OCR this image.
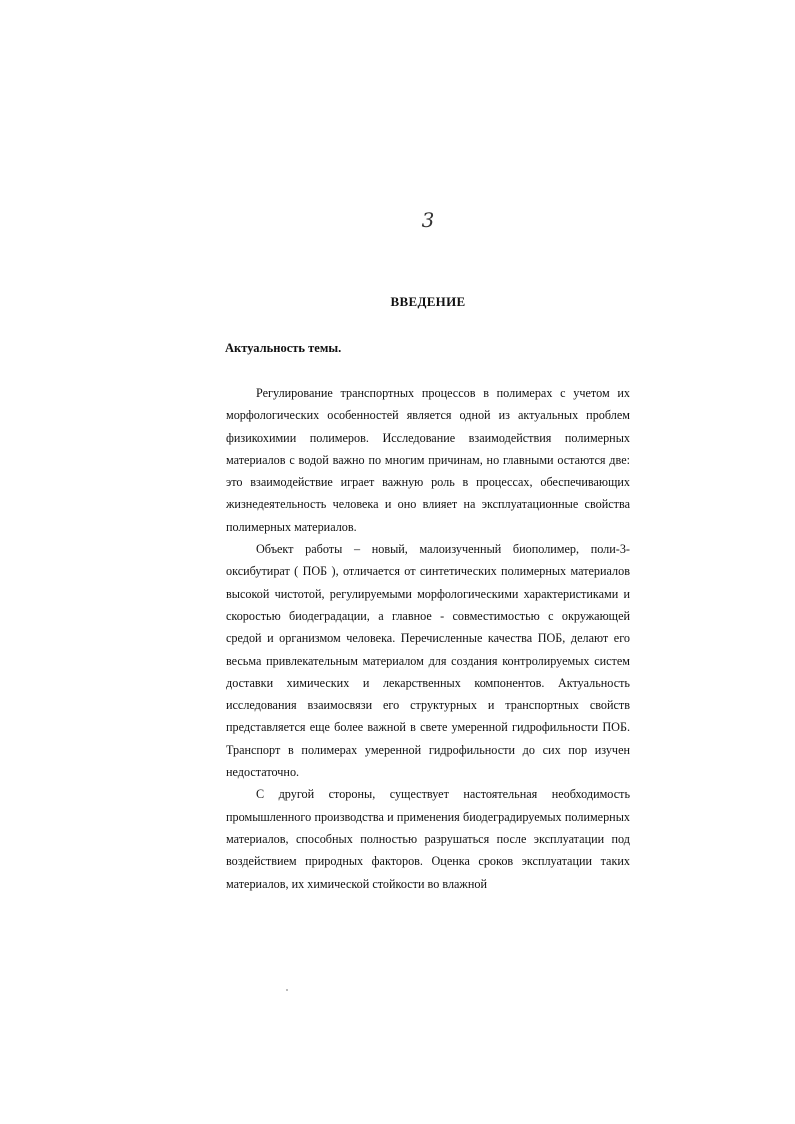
3
ВВЕДЕНИЕ
Актуальность темы.

Регулирование транспортных процессов в полимерах с учетом их морфологических особенностей является одной из актуальных проблем физикохимии полимеров. Исследование взаимодействия полимерных материалов с водой важно по многим причинам, но главными остаются две: это взаимодействие играет важную роль в процессах, обеспечивающих жизнедеятельность человека и оно влияет на эксплуатационные свойства полимерных материалов.

Объект работы – новый, малоизученный биополимер, поли-3-оксибутират ( ПОБ ), отличается от синтетических полимерных материалов высокой чистотой, регулируемыми морфологическими характеристиками и скоростью биодеградации, а главное - совместимостью с окружающей средой и организмом человека. Перечисленные качества ПОБ, делают его весьма привлекательным материалом для создания контролируемых систем доставки химических и лекарственных компонентов. Актуальность исследования взаимосвязи его структурных и транспортных свойств представляется еще более важной в свете умеренной гидрофильности ПОБ. Транспорт в полимерах умеренной гидрофильности до сих пор изучен недостаточно.

С другой стороны, существует настоятельная необходимость промышленного производства и применения биодеградируемых полимерных материалов, способных полностью разрушаться после эксплуатации под воздействием природных факторов. Оценка сроков эксплуатации таких материалов, их химической стойкости во влажной
